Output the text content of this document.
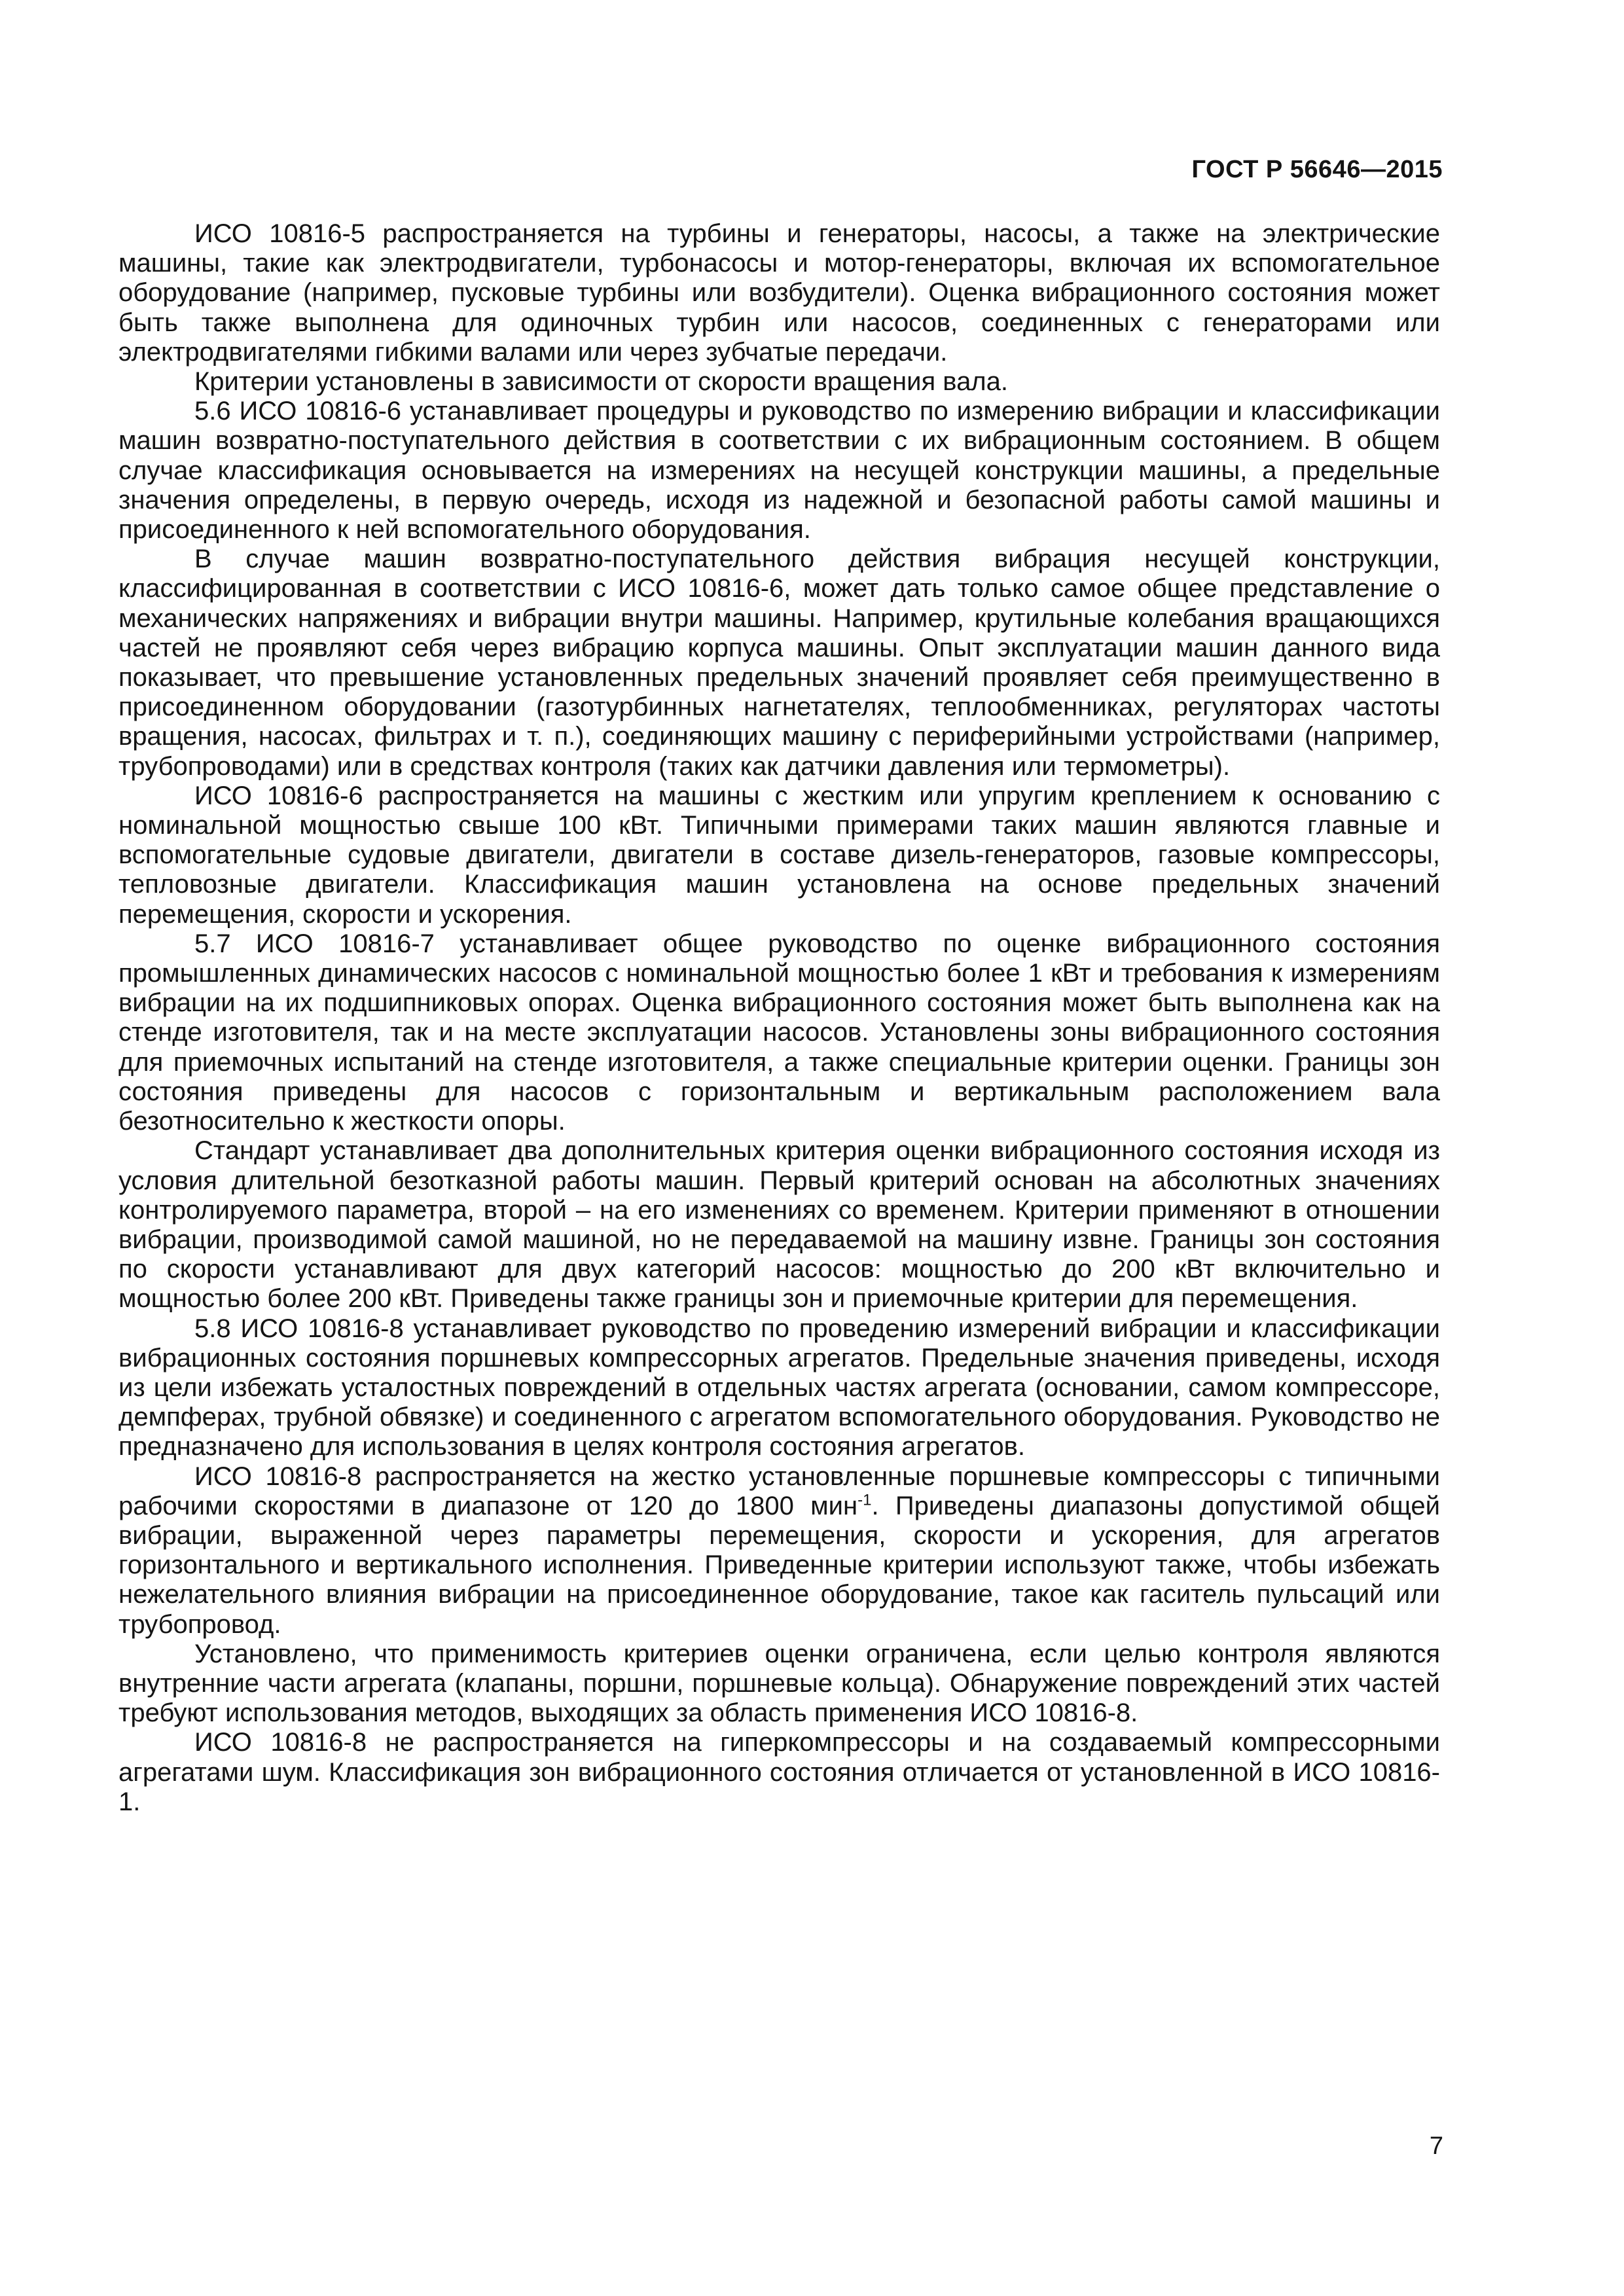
ГОСТ Р 56646—2015

ИСО 10816-5 распространяется на турбины и генераторы, насосы, а также на электрические машины, такие как электродвигатели, турбонасосы и мотор-генераторы, включая их вспомогательное оборудование (например, пусковые турбины или возбудители). Оценка вибрационного состояния может быть также выполнена для одиночных турбин или насосов, соединенных с генераторами или электродвигателями гибкими валами или через зубчатые передачи.

Критерии установлены в зависимости от скорости вращения вала.

5.6 ИСО 10816-6 устанавливает процедуры и руководство по измерению вибрации и классификации машин возвратно-поступательного действия в соответствии с их вибрационным состоянием. В общем случае классификация основывается на измерениях на несущей конструкции машины, а предельные значения определены, в первую очередь, исходя из надежной и безопасной работы самой машины и присоединенного к ней вспомогательного оборудования.

В случае машин возвратно-поступательного действия вибрация несущей конструкции, классифицированная в соответствии с ИСО 10816-6, может дать только самое общее представление о механических напряжениях и вибрации внутри машины. Например, крутильные колебания вращающихся частей не проявляют себя через вибрацию корпуса машины. Опыт эксплуатации машин данного вида показывает, что превышение установленных предельных значений проявляет себя преимущественно в присоединенном оборудовании (газотурбинных нагнетателях, теплообменниках, регуляторах частоты вращения, насосах, фильтрах и т. п.), соединяющих машину с периферийными устройствами (например, трубопроводами) или в средствах контроля (таких как датчики давления или термометры).

ИСО 10816-6 распространяется на машины с жестким или упругим креплением к основанию с номинальной мощностью свыше 100 кВт. Типичными примерами таких машин являются главные и вспомогательные судовые двигатели, двигатели в составе дизель-генераторов, газовые компрессоры, тепловозные двигатели. Классификация машин установлена на основе предельных значений перемещения, скорости и ускорения.

5.7 ИСО 10816-7 устанавливает общее руководство по оценке вибрационного состояния промышленных динамических насосов с номинальной мощностью более 1 кВт и требования к измерениям вибрации на их подшипниковых опорах. Оценка вибрационного состояния может быть выполнена как на стенде изготовителя, так и на месте эксплуатации насосов. Установлены зоны вибрационного состояния для приемочных испытаний на стенде изготовителя, а также специальные критерии оценки. Границы зон состояния приведены для насосов с горизонтальным и вертикальным расположением вала безотносительно к жесткости опоры.

Стандарт устанавливает два дополнительных критерия оценки вибрационного состояния исходя из условия длительной безотказной работы машин. Первый критерий основан на абсолютных значениях контролируемого параметра, второй – на его изменениях со временем. Критерии применяют в отношении вибрации, производимой самой машиной, но не передаваемой на машину извне. Границы зон состояния по скорости устанавливают для двух категорий насосов: мощностью до 200 кВт включительно и мощностью более 200 кВт. Приведены также границы зон и приемочные критерии для перемещения.

5.8 ИСО 10816-8 устанавливает руководство по проведению измерений вибрации и классификации вибрационных состояния поршневых компрессорных агрегатов. Предельные значения приведены, исходя из цели избежать усталостных повреждений в отдельных частях агрегата (основании, самом компрессоре, демпферах, трубной обвязке) и соединенного с агрегатом вспомогательного оборудования. Руководство не предназначено для использования в целях контроля состояния агрегатов.

ИСО 10816-8 распространяется на жестко установленные поршневые компрессоры с типичными рабочими скоростями в диапазоне от 120 до 1800 мин$^{-1}$. Приведены диапазоны допустимой общей вибрации, выраженной через параметры перемещения, скорости и ускорения, для агрегатов горизонтального и вертикального исполнения. Приведенные критерии используют также, чтобы избежать нежелательного влияния вибрации на присоединенное оборудование, такое как гаситель пульсаций или трубопровод.

Установлено, что применимость критериев оценки ограничена, если целью контроля являются внутренние части агрегата (клапаны, поршни, поршневые кольца). Обнаружение повреждений этих частей требуют использования методов, выходящих за область применения ИСО 10816-8.

ИСО 10816-8 не распространяется на гиперкомпрессоры и на создаваемый компрессорными агрегатами шум. Классификация зон вибрационного состояния отличается от установленной в ИСО 10816-1.

7
